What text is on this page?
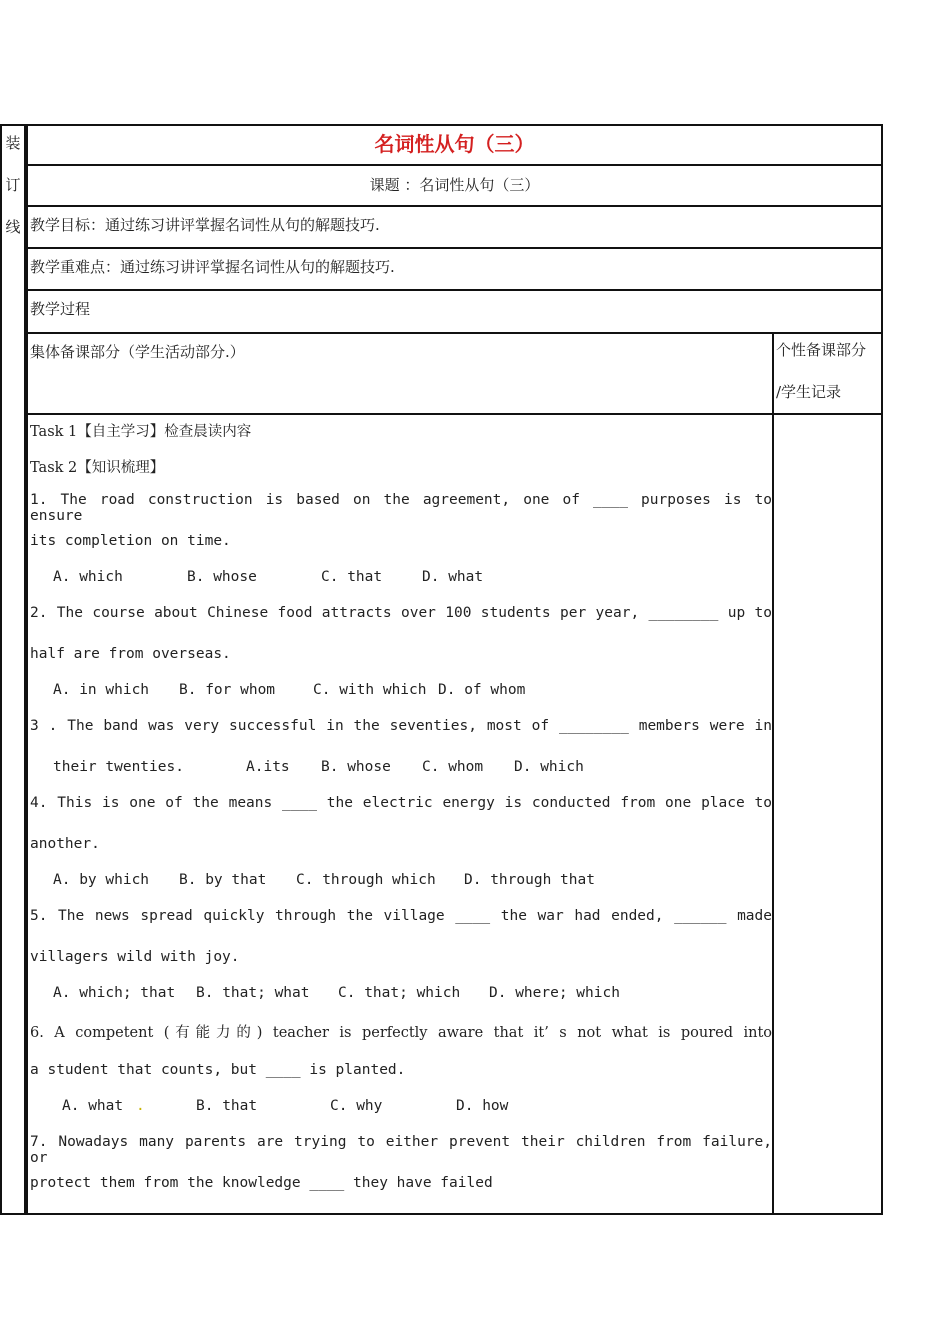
装
订
线
名词性从句（三）
课题 ：名词性从句（三）
教学目标：通过练习讲评掌握名词性从句的解题技巧.
教学重难点：通过练习讲评掌握名词性从句的解题技巧.
教学过程
集体备课部分（学生活动部分.）	个性备课部分
/学生记录
Task 1【自主学习】检查晨读内容
Task 2【知识梳理】
1. The road construction is based on the agreement, one of ____ purposes is to ensure
its completion on time.
A. which	B. whose	C. that	D. what
2. The course about Chinese food attracts over 100 students per year, ________ up to
half are from overseas.
A. in which B. for whom	C. with which D. of whom
3 . The band was very successful in the seventies, most of ________ members were in
their twenties.	A.its B. whose C. whom D. which
4. This is one of the means ____ the electric energy is conducted from one place to
another.
A. by which B. by that C. through which D. through that
5. The news spread quickly through the village ____ the war had ended, ______ made
villagers wild with joy.
A. which; that B. that; what C. that; which D. where; which
6. A competent (有能力的) teacher is perfectly aware that it’ s not what is poured into
a student that counts, but ____ is planted.
A. what .	B. that	C. why	D. how
7. Nowadays many parents are trying to either prevent their children from failure, or
protect them from the knowledge ____ they have failed
